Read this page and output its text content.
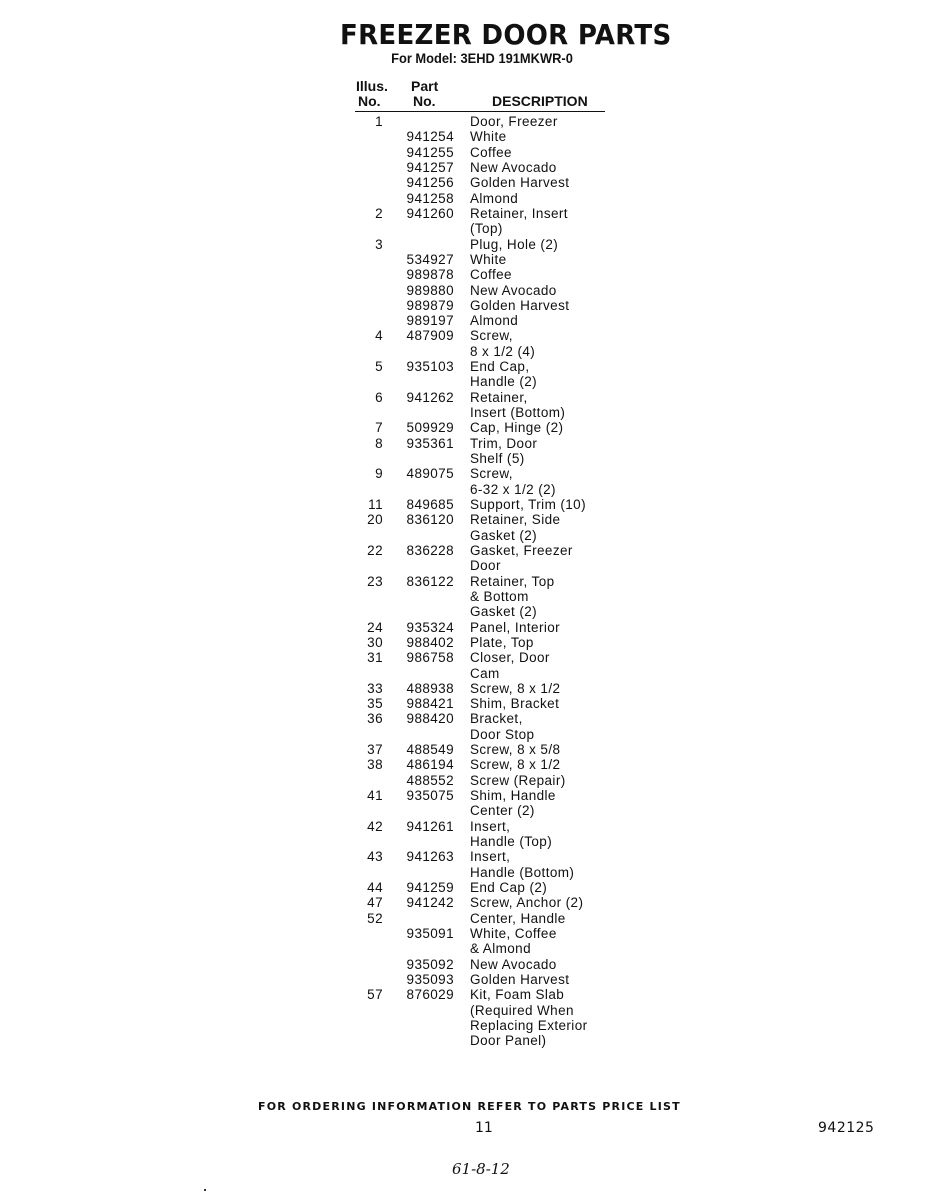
FREEZER DOOR PARTS
For Model: 3EHD 191MKWR-0
Illus.
No.
Part
No.	DESCRIPTION
1	Door, Freezer
941254 White
941255 Coffee
941257 New Avocado
941256 Golden Harvest
941258 Almond
2 941260 Retainer, Insert
(Top)
3	Plug, Hole (2)
534927 White
989878 Coffee
989880 New Avocado
989879 Golden Harvest
989197 Almond
4 487909 Screw,
8 x 1/2 (4)
5 935103 End Cap,
Handle (2)
6 941262 Retainer,
Insert (Bottom)
7 509929 Cap, Hinge (2)
8 935361 Trim, Door
Shelf (5)
9 489075 Screw,
6-32 x 1/2 (2)
11 849685 Support, Trim (10)
20 836120 Retainer, Side
Gasket (2)
22 836228 Gasket, Freezer
Door
23 836122 Retainer, Top
& Bottom
Gasket (2)
24 935324 Panel, Interior
30 988402 Plate, Top
31 986758 Closer, Door
Cam
33 488938 Screw, 8 x 1/2
35 988421 Shim, Bracket
36 988420 Bracket,
Door Stop
37 488549 Screw, 8 x 5/8
38 486194 Screw, 8 x 1/2
488552 Screw (Repair)
41 935075 Shim, Handle
Center (2)
42 941261 Insert,
Handle (Top)
43 941263 Insert,
Handle (Bottom)
44 941259 End Cap (2)
47 941242 Screw, Anchor (2)
52	Center, Handle
935091 White, Coffee
& Almond
935092 New Avocado
935093 Golden Harvest
57 876029 Kit, Foam Slab
(Required When
Replacing Exterior
Door Panel)
FOR ORDERING INFORMATION REFER TO PARTS PRICE LIST
11	942125
61-8-12
